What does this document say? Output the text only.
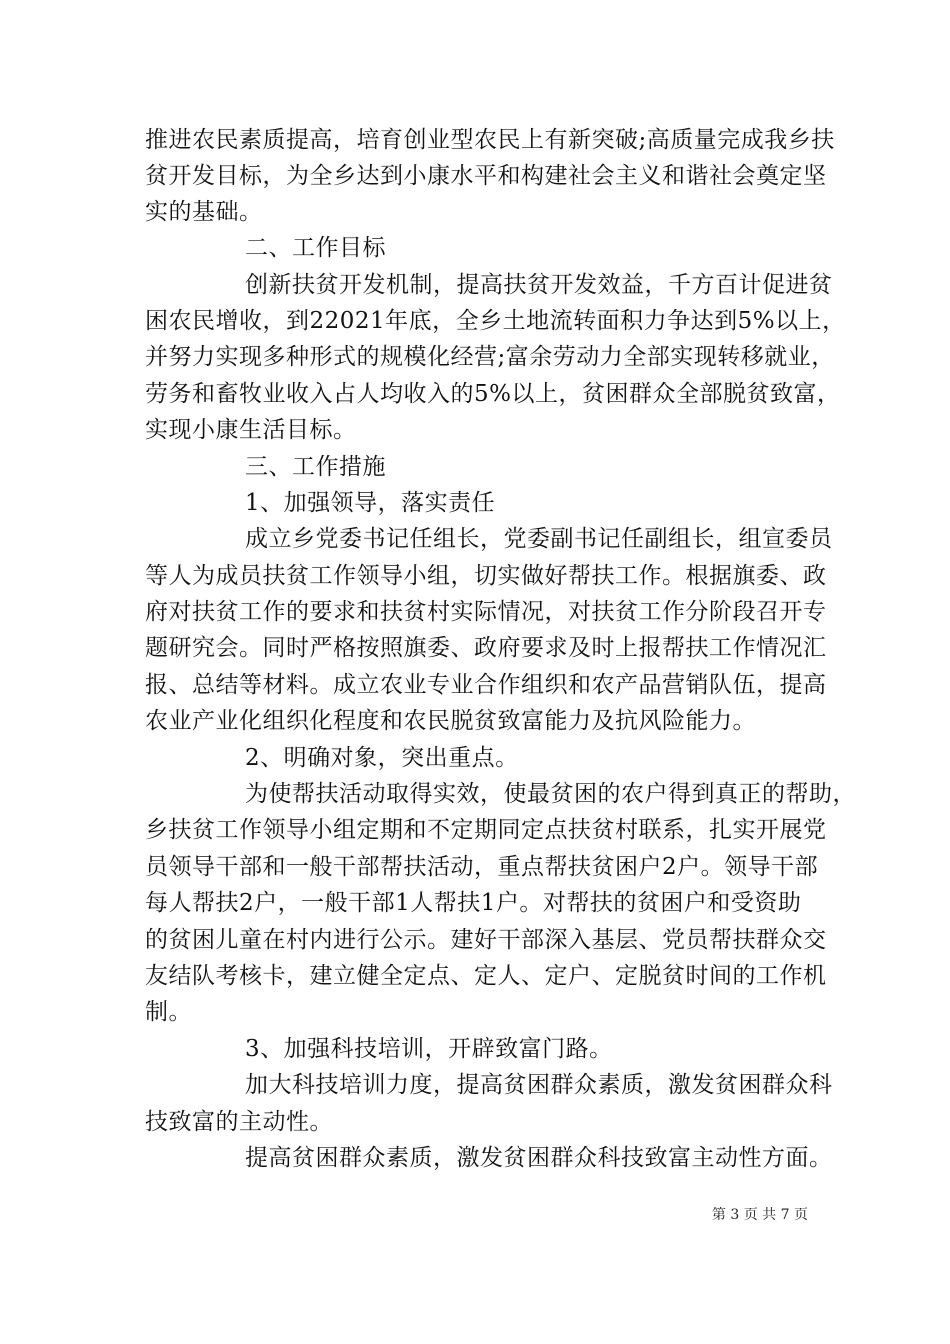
推进农民素质提高，培育创业型农民上有新突破;高质量完成我乡扶
贫开发目标，为全乡达到小康水平和构建社会主义和谐社会奠定坚
实的基础。
二、工作目标
创新扶贫开发机制，提高扶贫开发效益，千方百计促进贫
困农民增收，到22021年底，全乡土地流转面积力争达到5%以上，
并努力实现多种形式的规模化经营;富余劳动力全部实现转移就业，
劳务和畜牧业收入占人均收入的5%以上，贫困群众全部脱贫致富，
实现小康生活目标。
三、工作措施
1、加强领导，落实责任
成立乡党委书记任组长，党委副书记任副组长，组宣委员
等人为成员扶贫工作领导小组，切实做好帮扶工作。根据旗委、政
府对扶贫工作的要求和扶贫村实际情况，对扶贫工作分阶段召开专
题研究会。同时严格按照旗委、政府要求及时上报帮扶工作情况汇
报、总结等材料。成立农业专业合作组织和农产品营销队伍，提高
农业产业化组织化程度和农民脱贫致富能力及抗风险能力。
2、明确对象，突出重点。
为使帮扶活动取得实效，使最贫困的农户得到真正的帮助，
乡扶贫工作领导小组定期和不定期同定点扶贫村联系，扎实开展党
员领导干部和一般干部帮扶活动，重点帮扶贫困户2户。领导干部
每人帮扶2户，一般干部1人帮扶1户。对帮扶的贫困户和受资助
的贫困儿童在村内进行公示。建好干部深入基层、党员帮扶群众交
友结队考核卡，建立健全定点、定人、定户、定脱贫时间的工作机
制。
3、加强科技培训，开辟致富门路。
加大科技培训力度，提高贫困群众素质，激发贫困群众科
技致富的主动性。
提高贫困群众素质，激发贫困群众科技致富主动性方面。
第 3 页 共 7 页
